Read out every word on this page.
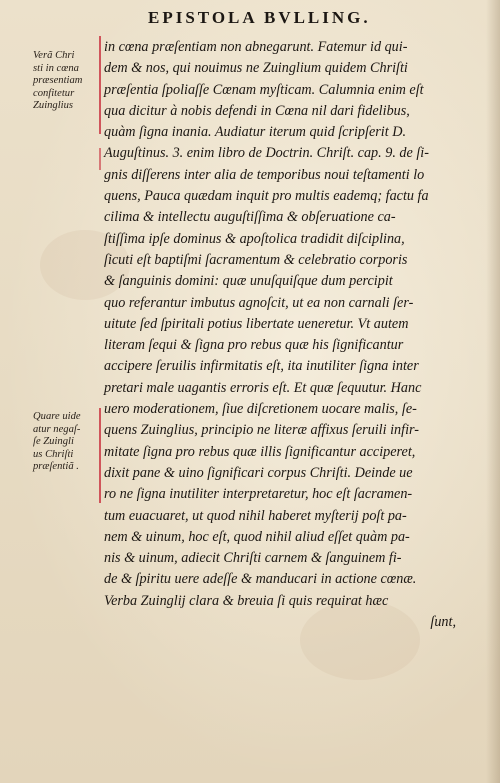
EPISTOLA BVLLING.
Verã Chri
sti in cœna
præsentiam
confitetur
Zuinglius
Quare uide
atur negaſ-
ſe Zuingli
us Chriſti
præſentiã .
in cœna præſentiam non abnegarunt. Fatemur id qui-
dem & nos, qui nouimus ne Zuinglium quidem Chriſti
præſentia ſpoliaſſe Cœnam myſticam. Calumnia enim eſt
qua dicitur à nobis defendi in Cœna nil dari fidelibus,
quàm ſigna inania. Audiatur iterum quid ſcripſerit D.
Auguſtinus. 3. enim libro de Doctrin. Chriſt. cap. 9. de ſi-
gnis diſſerens inter alia de temporibus noui teſtamenti lo
quens, Pauca quædam inquit pro multis eademq; factu fa
cilima & intellectu auguſtiſſima & obſeruatione ca-
ſtiſſima ipſe dominus & apoſtolica tradidit diſciplina,
ſicuti eſt baptiſmi ſacramentum & celebratio corporis
& ſanguinis domini: quæ unuſquiſque dum percipit
quo referantur imbutus agnoſcit, ut ea non carnali ſer-
uitute ſed ſpiritali potius libertate ueneretur. Vt autem
literam ſequi & ſigna pro rebus quæ his ſignificantur
accipere ſeruilis infirmitatis eſt, ita inutiliter ſigna inter
pretari male uagantis erroris eſt. Et quæ ſequutur. Hanc
uero moderationem, ſiue diſcretionem uocare malis, ſe-
quens Zuinglius, principio ne literæ affixus ſeruili infir-
mitate ſigna pro rebus quæ illis ſignificantur acciperet,
dixit pane & uino ſignificari corpus Chriſti. Deinde ue
ro ne ſigna inutiliter interpretaretur, hoc eſt ſacramen-
tum euacuaret, ut quod nihil haberet myſterij poſt pa-
nem & uinum, hoc eſt, quod nihil aliud eſſet quàm pa-
nis & uinum, adiecit Chriſti carnem & ſanguinem fi-
de & ſpiritu uere adeſſe & manducari in actione cœnæ.
Verba Zuinglij clara & breuia ſi quis requirat hæc
ſunt,
